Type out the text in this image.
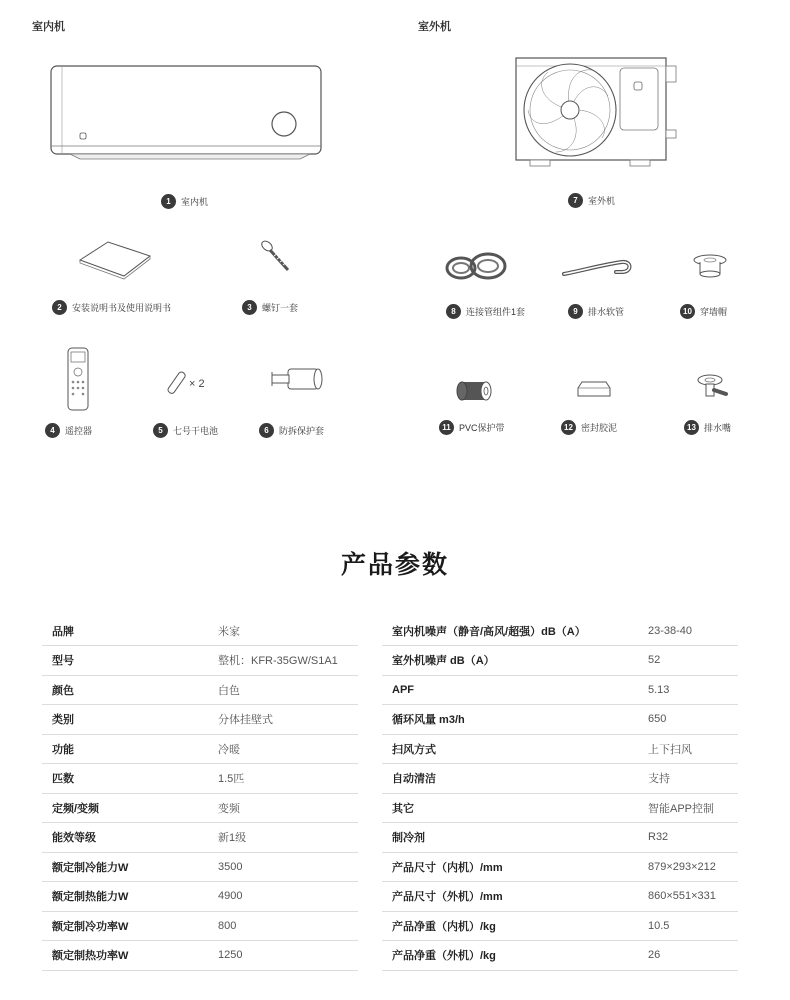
室内机	室外机
1	室内机	7	室外机
× 2
2	安装说明书及使用说明书	3	螺钉一套
4	遥控器	5	七号干电池	6	防拆保护套
8	连接管组件1套	9	排水软管	10 穿墙帽
11 PVC保护带	12 密封胶泥	13 排水嘴
产品参数
品牌	米家
型号	整机：KFR-35GW/S1A1
颜色	白色
类别	分体挂壁式
功能	冷暖
匹数	1.5匹
定频/变频	变频
能效等级	新1级
额定制冷能力W	3500
额定制热能力W	4900
额定制冷功率W	800
额定制热功率W	1250
室内机噪声（静音/高风/超强）dB（A）	23-38-40
室外机噪声 dB（A）	52
APF	5.13
循环风量 m3/h	650
扫风方式	上下扫风
自动清洁	支持
其它	智能APP控制
制冷剂	R32
产品尺寸（内机）/mm	879×293×212
产品尺寸（外机）/mm	860×551×331
产品净重（内机）/kg	10.5
产品净重（外机）/kg	26
